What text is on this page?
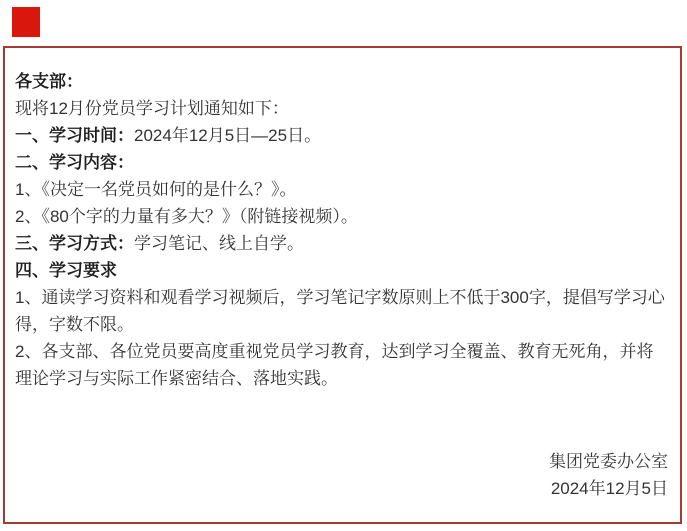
各支部：

现将12月份党员学习计划通知如下：

一、学习时间：2024年12月5日—25日。

二、学习内容：

1、《决定一名党员如何的是什么？》。

2、《80个字的力量有多大？》（附链接视频）。

三、学习方式：学习笔记、线上自学。

四、学习要求

1、通读学习资料和观看学习视频后，学习笔记字数原则上不低于300字，提倡写学习心得，字数不限。

2、各支部、各位党员要高度重视党员学习教育，达到学习全覆盖、教育无死角，并将理论学习与实际工作紧密结合、落地实践。

集团党委办公室

2024年12月5日
